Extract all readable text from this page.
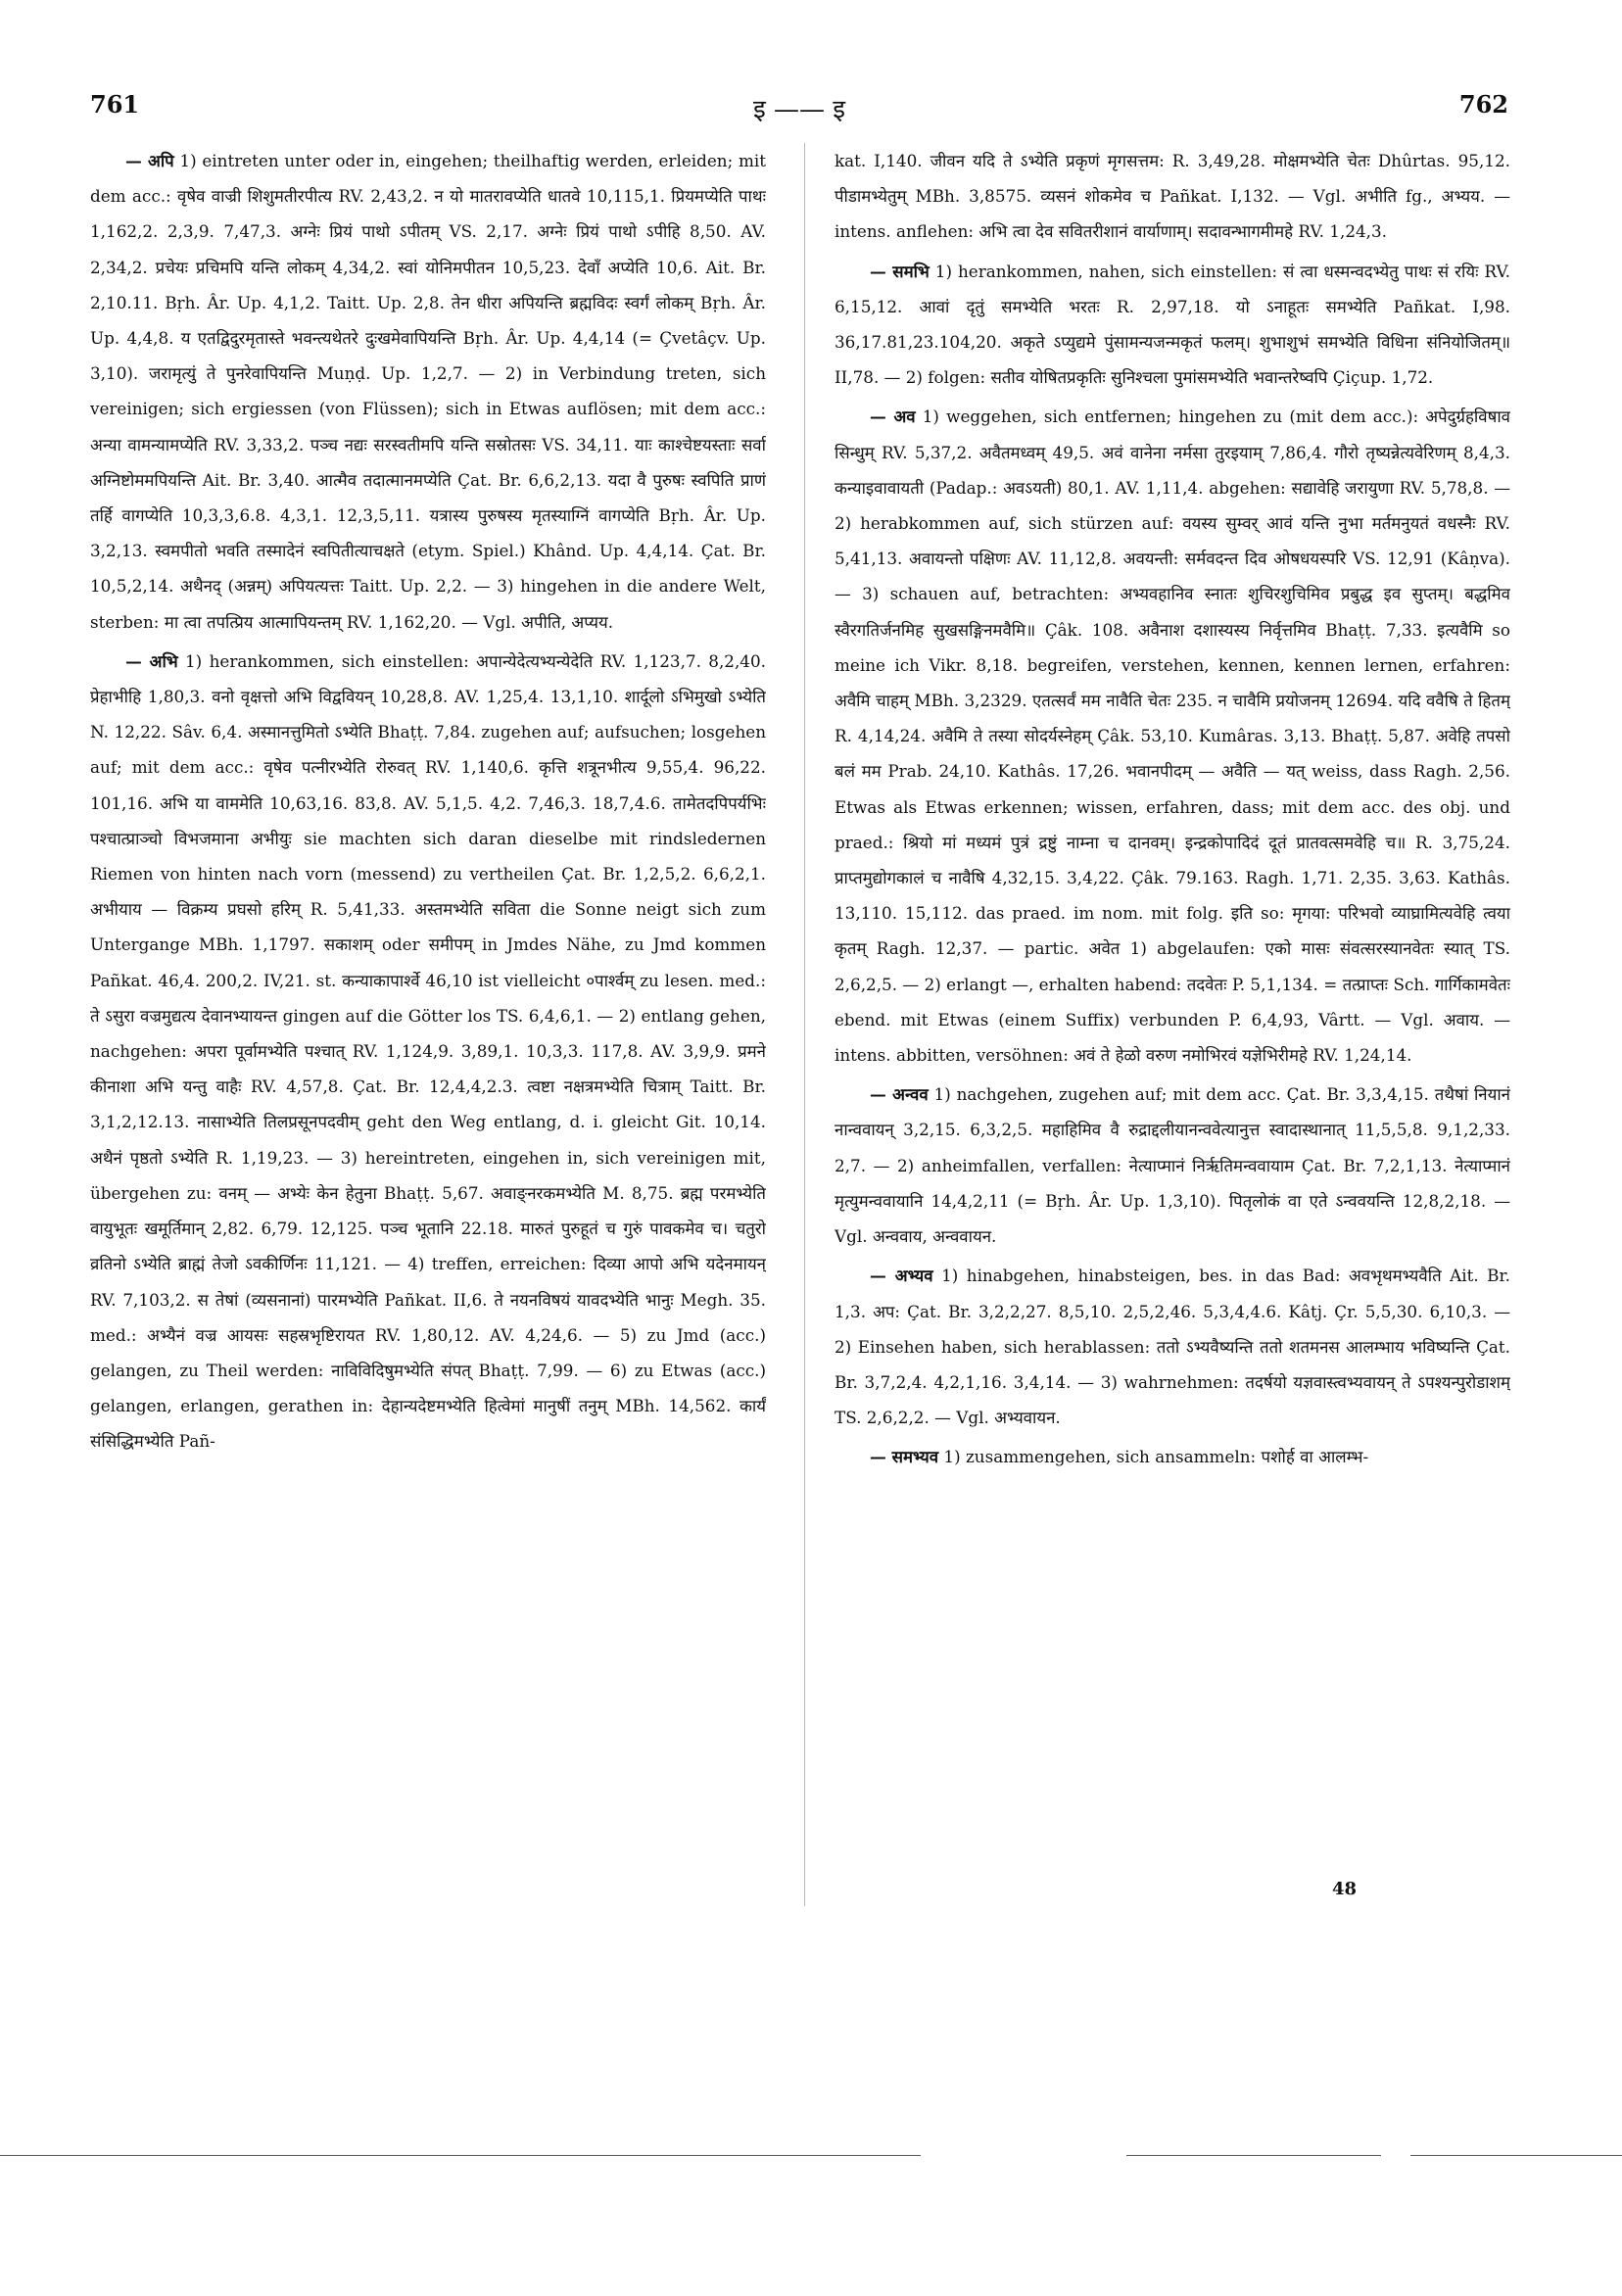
761	इ —— इ	762

— अपि 1) eintreten unter oder in, eingehen; theilhaftig werden, erleiden; mit dem acc.: वृषेव वाज्री शिशुमतीरपीत्य RV. 2,43,2. न यो मातरावप्येति धातवे 10,115,1. प्रियमप्येति पाथः 1,162,2. 2,3,9. 7,47,3. अग्नेः प्रियं पाथो ऽपीतम् VS. 2,17. अग्नेः प्रियं पाथो ऽपीहि 8,50. AV. 2,34,2. प्रचेयः प्रचिमपि यन्ति लोकम् 4,34,2. स्वां योनिमपीतन 10,5,23. देवाँ अप्येति 10,6. Ait. Br. 2,10.11. Bṛh. Âr. Up. 4,1,2. Taitt. Up. 2,8. तेन धीरा अपियन्ति ब्रह्मविदः स्वर्गं लोकम् Bṛh. Âr. Up. 4,4,8. य एतद्विदुरमृतास्ते भवन्त्यथेतरे दुःखमेवापियन्ति Bṛh. Âr. Up. 4,4,14 (= Çvetâçv. Up. 3,10). जरामृत्युं ते पुनरेवापियन्ति Muṇḍ. Up. 1,2,7. — 2) in Verbindung treten, sich vereinigen; sich ergiessen (von Flüssen); sich in Etwas auflösen; mit dem acc.: अन्या वामन्यामप्येति RV. 3,33,2. पञ्च नद्यः सरस्वतीमपि यन्ति सस्रोतसः VS. 34,11. याः काश्चेष्टयस्ताः सर्वा अग्निष्टोममपियन्ति Ait. Br. 3,40. आत्मैव तदात्मानमप्येति Çat. Br. 6,6,2,13. यदा वै पुरुषः स्वपिति प्राणं तर्हि वागप्येति 10,3,3,6.8. 4,3,1. 12,3,5,11. यत्रास्य पुरुषस्य मृतस्याग्निं वागप्येति Bṛh. Âr. Up. 3,2,13. स्वमपीतो भवति तस्मादेनं स्वपितीत्याचक्षते (etym. Spiel.) Khând. Up. 4,4,14. Çat. Br. 10,5,2,14. अथैनद् (अन्नम्) अपियत्यत्तः Taitt. Up. 2,2. — 3) hingehen in die andere Welt, sterben: मा त्वा तपत्प्रिय आत्मापियन्तम् RV. 1,162,20. — Vgl. अपीति, अप्यय.

— अभि 1) herankommen, sich einstellen: अपान्येदेत्यभ्यन्येदेति RV. 1,123,7. 8,2,40. प्रेहाभीहि 1,80,3. वनो वृक्षत्तो अभि विद्ववियन् 10,28,8. AV. 1,25,4. 13,1,10. शार्दूलो ऽभिमुखो ऽभ्येति N. 12,22. Sâv. 6,4. अस्मानत्तुमितो ऽभ्येति Bhaṭṭ. 7,84. zugehen auf; aufsuchen; losgehen auf; mit dem acc.: वृषेव पत्नीरभ्येति रोरुवत् RV. 1,140,6. कृत्ति शत्रूनभीत्य 9,55,4. 96,22. 101,16. अभि या वाममेति 10,63,16. 83,8. AV. 5,1,5. 4,2. 7,46,3. 18,7,4.6. तामेतदपिपर्यभिः पश्चात्प्राञ्चो विभजमाना अभीयुः sie machten sich daran dieselbe mit rindsledernen Riemen von hinten nach vorn (messend) zu vertheilen Çat. Br. 1,2,5,2. 6,6,2,1. अभीयाय — विक्रम्य प्रघसो हरिम् R. 5,41,33. अस्तमभ्येति सविता die Sonne neigt sich zum Untergange MBh. 1,1797. सकाशम् oder समीपम् in Jmdes Nähe, zu Jmd kommen Pañkat. 46,4. 200,2. IV,21. st. कन्याकापार्श्वे 46,10 ist vielleicht ०पार्श्वम् zu lesen. med.: ते ऽसुरा वज्रमुद्यत्य देवानभ्यायन्त gingen auf die Götter los TS. 6,4,6,1. — 2) entlang gehen, nachgehen: अपरा पूर्वामभ्येति पश्चात् RV. 1,124,9. 3,89,1. 10,3,3. 117,8. AV. 3,9,9. प्रमने कीनाशा अभि यन्तु वाहैः RV. 4,57,8. Çat. Br. 12,4,4,2.3. त्वष्टा नक्षत्रमभ्येति चित्राम् Taitt. Br. 3,1,2,12.13. नासाभ्येति तिलप्रसूनपदवीम् geht den Weg entlang, d. i. gleicht Git. 10,14. अथैनं पृष्ठतो ऽभ्येति R. 1,19,23. — 3) hereintreten, eingehen in, sich vereinigen mit, übergehen zu: वनम् — अभ्येः केन हेतुना Bhaṭṭ. 5,67. अवाङ्नरकमभ्येति M. 8,75. ब्रह्म परमभ्येति वायुभूतः खमूर्तिमान् 2,82. 6,79. 12,125. पञ्च भूतानि 22.18. मारुतं पुरुहूतं च गुरुं पावकमेव च। चतुरो व्रतिनो ऽभ्येति ब्राह्मं तेजो ऽवकीर्णिनः 11,121. — 4) treffen, erreichen: दिव्या आपो अभि यदेनमायन् RV. 7,103,2. स तेषां (व्यसनानां) पारमभ्येति Pañkat. II,6. ते नयनविषयं यावदभ्येति भानुः Megh. 35. med.: अभ्यैनं वज्र आयसः सहस्रभृष्टिरायत RV. 1,80,12. AV. 4,24,6. — 5) zu Jmd (acc.) gelangen, zu Theil werden: नाविविदिषुमभ्येति संपत् Bhaṭṭ. 7,99. — 6) zu Etwas (acc.) gelangen, erlangen, gerathen in: देहान्यदेष्टमभ्येति हित्वेमां मानुषीं तनुम् MBh. 14,562. कार्यं संसिद्धिमभ्येति Pañ-

kat. I,140. जीवन यदि ते ऽभ्येति प्रकृणं मृगसत्तम: R. 3,49,28. मोक्षमभ्येति चेतः Dhûrtas. 95,12. पीडामभ्येतुम् MBh. 3,8575. व्यसनं शोकमेव च Pañkat. I,132. — Vgl. अभीति fg., अभ्यय. — intens. anflehen: अभि त्वा देव सवितरीशानं वार्याणाम्। सदावन्भागमीमहे RV. 1,24,3.

— समभि 1) herankommen, nahen, sich einstellen: सं त्वा धस्मन्वदभ्येतु पाथः सं रयिः RV. 6,15,12. आवां दृतुं समभ्येति भरतः R. 2,97,18. यो ऽनाहूतः समभ्येति Pañkat. I,98. 36,17.81,23.104,20. अकृते ऽप्युद्यमे पुंसामन्यजन्मकृतं फलम्। शुभाशुभं समभ्येति विधिना संनियोजितम्॥ II,78. — 2) folgen: सतीव योषितप्रकृतिः सुनिश्चला पुमांसमभ्येति भवान्तरेष्वपि Çiçup. 1,72.

— अव 1) weggehen, sich entfernen; hingehen zu (mit dem acc.): अपेदुर्ग्रहविषाव सिन्धुम् RV. 5,37,2. अवैतमध्वम् 49,5. अवं वानेना नर्मसा तुरइयाम् 7,86,4. गौरो तृष्यन्नेत्यवेरिणम् 8,4,3. कन्याइवावायती (Padap.: अवऽयती) 80,1. AV. 1,11,4. abgehen: सद्यावेहि जरायुणा RV. 5,78,8. — 2) herabkommen auf, sich stürzen auf: वयस्य सुम्वर् आवं यन्ति नुभा मर्तमनुयतं वधस्नैः RV. 5,41,13. अवायन्तो पक्षिणः AV. 11,12,8. अवयन्ती: सर्मवदन्त दिव ओषधयस्परि VS. 12,91 (Kâṇva). — 3) schauen auf, betrachten: अभ्यवहानिव स्नातः शुचिरशुचिमिव प्रबुद्ध इव सुप्तम्। बद्धमिव स्वैरगतिर्जनमिह सुखसङ्गिनमवैमि॥ Çâk. 108. अवैनाश दशास्यस्य निर्वृत्तमिव Bhaṭṭ. 7,33. इत्यवैमि so meine ich Vikr. 8,18. begreifen, verstehen, kennen, kennen lernen, erfahren: अवैमि चाहम् MBh. 3,2329. एतत्सर्वं मम नावैति चेतः 235. न चावैमि प्रयोजनम् 12694. यदि ववैषि ते हितम् R. 4,14,24. अवैमि ते तस्या सोदर्यस्नेहम् Çâk. 53,10. Kumâras. 3,13. Bhaṭṭ. 5,87. अवेहि तपसो बलं मम Prab. 24,10. Kathâs. 17,26. भवानपीदम् — अवैति — यत् weiss, dass Ragh. 2,56. Etwas als Etwas erkennen; wissen, erfahren, dass; mit dem acc. des obj. und praed.: श्रियो मां मध्यमं पुत्रं द्रष्टुं नाम्ना च दानवम्। इन्द्रकोपादिदं दूतं प्रातवत्समवेहि च॥ R. 3,75,24. प्राप्तमुद्योगकालं च नावैषि 4,32,15. 3,4,22. Çâk. 79.163. Ragh. 1,71. 2,35. 3,63. Kathâs. 13,110. 15,112. das praed. im nom. mit folg. इति so: मृगया: परिभवो व्याघ्रामित्यवेहि त्वया कृतम् Ragh. 12,37. — partic. अवेत 1) abgelaufen: एको मासः संवत्सरस्यानवेतः स्यात् TS. 2,6,2,5. — 2) erlangt —, erhalten habend: तदवेतः P. 5,1,134. = तत्प्राप्तः Sch. गार्गिकामवेतः ebend. mit Etwas (einem Suffix) verbunden P. 6,4,93, Vârtt. — Vgl. अवाय. — intens. abbitten, versöhnen: अवं ते हेळो वरुण नमोभिरवं यज्ञेभिरीमहे RV. 1,24,14.

— अन्वव 1) nachgehen, zugehen auf; mit dem acc. Çat. Br. 3,3,4,15. तथैषां नियानं नान्ववायन् 3,2,15. 6,3,2,5. महाहिमिव वै रुद्राद्दलीयानन्ववेत्यानुत्त स्वादास्थानात् 11,5,5,8. 9,1,2,33. 2,7. — 2) anheimfallen, verfallen: नेत्याप्मानं निर्ऋतिमन्ववायाम Çat. Br. 7,2,1,13. नेत्याप्मानं मृत्युमन्ववायानि 14,4,2,11 (= Bṛh. Âr. Up. 1,3,10). पितृलोकं वा एते ऽन्ववयन्ति 12,8,2,18. — Vgl. अन्ववाय, अन्ववायन.

— अभ्यव 1) hinabgehen, hinabsteigen, bes. in das Bad: अवभृथमभ्यवैति Ait. Br. 1,3. अप: Çat. Br. 3,2,2,27. 8,5,10. 2,5,2,46. 5,3,4,4.6. Kâtj. Çr. 5,5,30. 6,10,3. — 2) Einsehen haben, sich herablassen: ततो ऽभ्यवैष्यन्ति ततो शतमनस आलम्भाय भविष्यन्ति Çat. Br. 3,7,2,4. 4,2,1,16. 3,4,14. — 3) wahrnehmen: तदर्षयो यज्ञवास्त्वभ्यवायन् ते ऽपश्यन्पुरोडाशम् TS. 2,6,2,2. — Vgl. अभ्यवायन.

— समभ्यव 1) zusammengehen, sich ansammeln: पशोर्ह वा आलम्भ-

48
